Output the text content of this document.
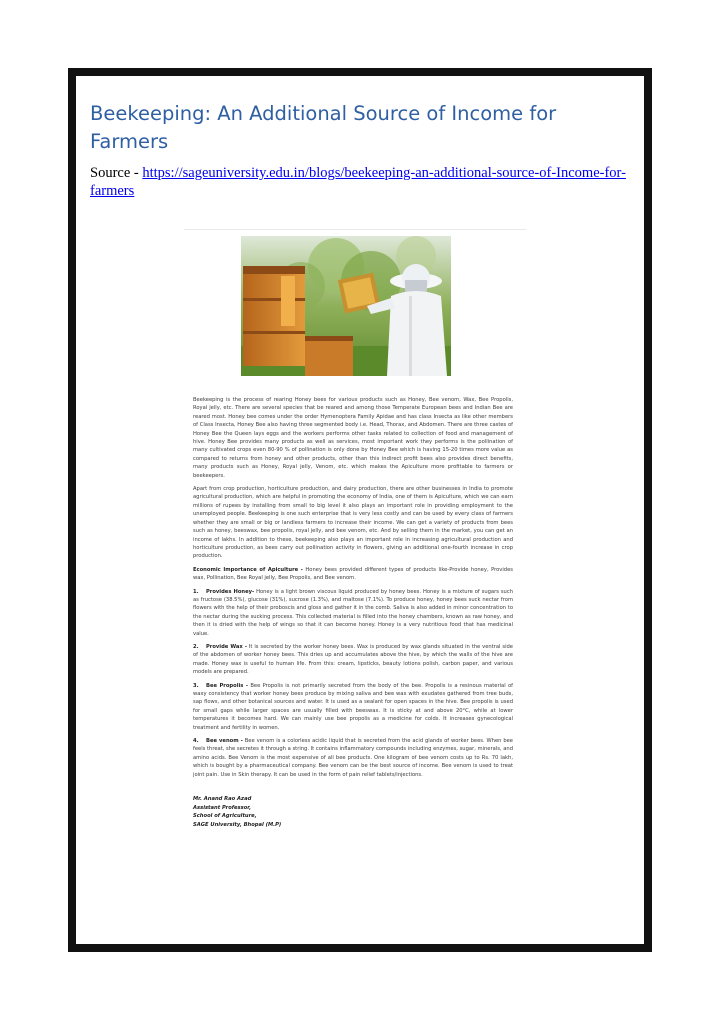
Beekeeping: An Additional Source of Income for Farmers
Source - https://sageuniversity.edu.in/blogs/beekeeping-an-additional-source-of-Income-for-farmers

Beekeeping is the process of rearing Honey bees for various products such as Honey, Bee venom, Wax, Bee Propolis, Royal jelly, etc. There are several species that be reared and among those Temperate European bees and Indian Bee are reared most. Honey bee comes under the order Hymenoptera Family Apidae and has class Insecta as like other members of Class Insecta, Honey Bee also having three segmented body i.e. Head, Thorax, and Abdomen. There are three castes of Honey Bee the Queen lays eggs and the workers performs other tasks related to collection of food and management of hive. Honey Bee provides many products as well as services, most important work they performs is the pollination of many cultivated crops even 80-90 % of pollination is only done by Honey Bee which is having 15-20 times more value as compared to returns from honey and other products, other than this indirect profit bees also provides direct benefits, many products such as Honey, Royal jelly, Venom, etc. which makes the Apiculture more profitable to farmers or beekeepers.

Apart from crop production, horticulture production, and dairy production, there are other businesses in India to promote agricultural production, which are helpful in promoting the economy of India, one of them is Apiculture, which we can earn millions of rupees by installing from small to big level it also plays an important role in providing employment to the unemployed people. Beekeeping is one such enterprise that is very less costly and can be used by every class of farmers whether they are small or big or landless farmers to increase their income. We can get a variety of products from bees such as honey, beeswax, bee propolis, royal jelly, and bee venom, etc. And by selling them in the market, you can get an income of lakhs. In addition to these, beekeeping also plays an important role in increasing agricultural production and horticulture production, as bees carry out pollination activity in flowers, giving an additional one-fourth increase in crop production.

Economic Importance of Apiculture - Honey bees provided different types of products like-Provide honey, Provides wax, Pollination, Bee Royal jelly, Bee Propolis, and Bee venom.

1. Provides Honey- Honey is a light brown viscous liquid produced by honey bees. Honey is a mixture of sugars such as fructose (38.5%), glucose (31%), sucrose (1.3%), and maltose (7.1%). To produce honey, honey bees suck nectar from flowers with the help of their proboscis and gloss and gather it in the comb. Saliva is also added in minor concentration to the nectar during the sucking process. This collected material is filled into the honey chambers, known as raw honey, and then it is dried with the help of wings so that it can become honey. Honey is a very nutritious food that has medicinal value.

2. Provide Wax - It is secreted by the worker honey bees. Wax is produced by wax glands situated in the ventral side of the abdomen of worker honey bees. This dries up and accumulates above the hive, by which the walls of the hive are made. Honey wax is useful to human life. From this: cream, lipsticks, beauty lotions polish, carbon paper, and various models are prepared.

3. Bee Propolis - Bee Propolis is not primarily secreted from the body of the bee. Propolis is a resinous material of waxy consistency that worker honey bees produce by mixing saliva and bee wax with exudates gathered from tree buds, sap flows, and other botanical sources and water. It is used as a sealant for open spaces in the hive. Bee propolis is used for small gaps while larger spaces are usually filled with beeswax. It is sticky at and above 20°C, while at lower temperatures it becomes hard. We can mainly use bee propolis as a medicine for colds. It increases gynecological treatment and fertility in women.

4. Bee venom - Bee venom is a colorless acidic liquid that is secreted from the acid glands of worker bees. When bee feels threat, she secretes it through a string. It contains inflammatory compounds including enzymes, sugar, minerals, and amino acids. Bee Venom is the most expensive of all bee products. One kilogram of bee venom costs up to Rs. 70 lakh, which is bought by a pharmaceutical company. Bee venom can be the best source of income. Bee venom is used to treat joint pain. Use in Skin therapy. It can be used in the form of pain relief tablets/injections.

Mr. Anand Rao Azad
Assistant Professor,
School of Agriculture,
SAGE University, Bhopal (M.P)
